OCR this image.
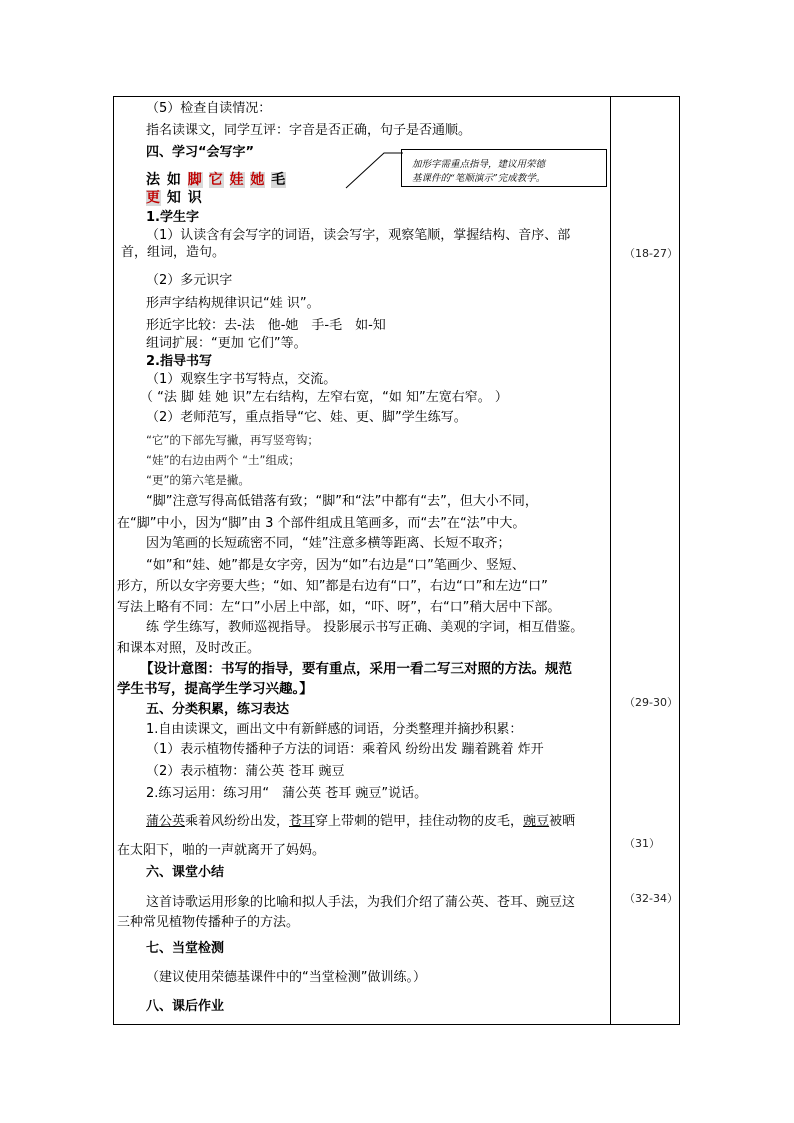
（5）检查自读情况：
指名读课文，同学互评：字音是否正确，句子是否通顺。
四、学习“会写字”
法 如 脚 它 娃 她 毛
更 知 识
加形字需重点指导，建议用荣德
基课件的“笔顺演示”完成教学。
1.学生字
（1）认读含有会写字的词语，读会写字，观察笔顺，掌握结构、音序、部
首，组词，造句。
（2）多元识字
形声字结构规律识记“娃 识”。
形近字比较：去-法　他-她　手-毛　如-知
组词扩展：“更加 它们”等。
2.指导书写
（1）观察生字书写特点，交流。
（ “法 脚 娃 她 识”左右结构，左窄右宽，“如 知”左宽右窄。 ）
（2）老师范写，重点指导“它、娃、更、脚”学生练写。
“它”的下部先写撇，再写竖弯钩；
“娃”的右边由两个 “土”组成；
“更”的第六笔是撇。
“脚”注意写得高低错落有致；“脚”和“法”中都有“去”，但大小不同，
在“脚”中小，因为“脚”由 3 个部件组成且笔画多，而“去”在“法”中大。
因为笔画的长短疏密不同，“娃”注意多横等距离、长短不取齐；
“如”和“娃、她”都是女字旁，因为“如”右边是“口”笔画少、竖短、
形方，所以女字旁要大些；“如、知”都是右边有“口”，右边“口”和左边“口”
写法上略有不同：左“口”小居上中部，如，“吓、呀”，右“口”稍大居中下部。
练 学生练写，教师巡视指导。 投影展示书写正确、美观的字词，相互借鉴。
和课本对照，及时改正。
【设计意图：书写的指导，要有重点，采用一看二写三对照的方法。规范
学生书写，提高学生学习兴趣。】
五、分类积累，练习表达
1.自由读课文，画出文中有新鲜感的词语，分类整理并摘抄积累：
（1）表示植物传播种子方法的词语：乘着风 纷纷出发 蹦着跳着 炸开
（2）表示植物：蒲公英 苍耳 豌豆
2.练习运用：练习用“　蒲公英 苍耳 豌豆”说话。
蒲公英乘着风纷纷出发，苍耳穿上带刺的铠甲，挂住动物的皮毛，豌豆被晒
在太阳下，啪的一声就离开了妈妈。
六、课堂小结
这首诗歌运用形象的比喻和拟人手法，为我们介绍了蒲公英、苍耳、豌豆这
三种常见植物传播种子的方法。
七、当堂检测
（建议使用荣德基课件中的“当堂检测”做训练。）
八、课后作业
（18-27）
（29-30）
（31）
（32-34）
